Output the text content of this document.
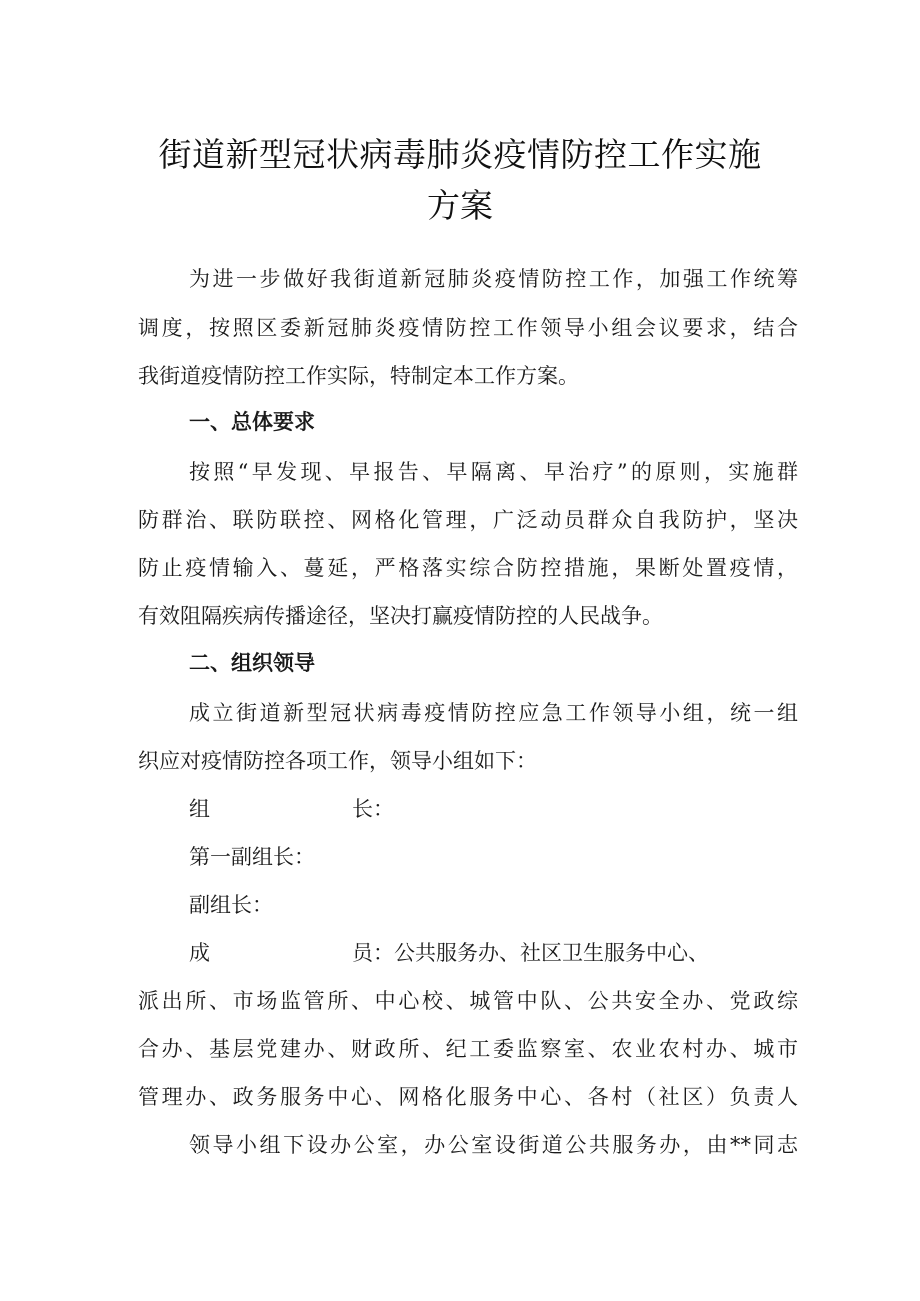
街道新型冠状病毒肺炎疫情防控工作实施
方案
为进一步做好我街道新冠肺炎疫情防控工作，加强工作统筹
调度，按照区委新冠肺炎疫情防控工作领导小组会议要求，结合
我街道疫情防控工作实际，特制定本工作方案。
一、总体要求
按照“早发现、早报告、早隔离、早治疗”的原则，实施群
防群治、联防联控、网格化管理，广泛动员群众自我防护，坚决
防止疫情输入、蔓延，严格落实综合防控措施，果断处置疫情，
有效阻隔疾病传播途径，坚决打赢疫情防控的人民战争。
二、组织领导
成立街道新型冠状病毒疫情防控应急工作领导小组，统一组
织应对疫情防控各项工作，领导小组如下：
组	长：
第一副组长：
副组长：
成	员：公共服务办、社区卫生服务中心、
派出所、市场监管所、中心校、城管中队、公共安全办、党政综
合办、基层党建办、财政所、纪工委监察室、农业农村办、城市
管理办、政务服务中心、网格化服务中心、各村（社区）负责人
领导小组下设办公室，办公室设街道公共服务办，由**同志
